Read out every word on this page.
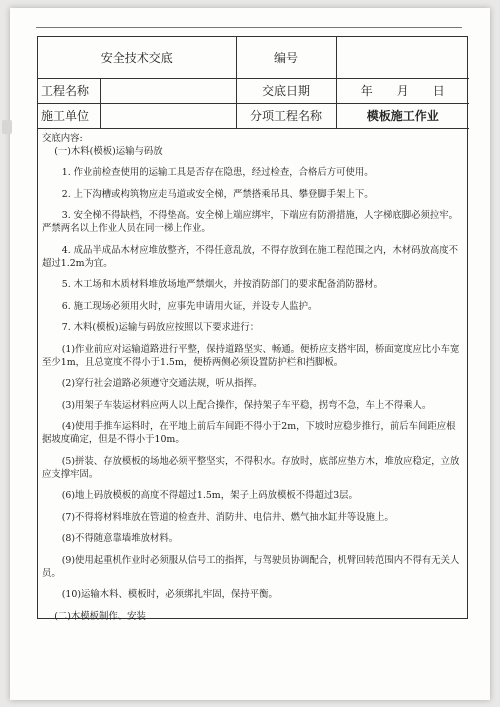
安全技术交底		编号	
工程名称		交底日期	年　　月　　日
施工单位		分项工程名称	模板施工作业

交底内容:

(一)木料(模板)运输与码放

1. 作业前检查使用的运输工具是否存在隐患，经过检查，合格后方可使用。

2. 上下沟槽或构筑物应走马道或安全梯，严禁搭乘吊具、攀登脚手架上下。

3. 安全梯不得缺档，不得垫高。安全梯上端应绑牢，下端应有防滑措施，人字梯底脚必须拉牢。严禁两名以上作业人员在同一梯上作业。

4. 成品半成品木材应堆放整齐，不得任意乱放，不得存放到在施工程范围之内，木材码放高度不超过1.2m为宜。

5. 木工场和木质材料堆放场地严禁烟火，并按消防部门的要求配备消防器材。

6. 施工现场必须用火时，应事先申请用火证，并设专人监护。

7. 木料(模板)运输与码放应按照以下要求进行：

(1)作业前应对运输道路进行平整，保持道路坚实、畅通。便桥应支搭牢固，桥面宽度应比小车宽至少1m，且总宽度不得小于1.5m，便桥两侧必须设置防护栏和挡脚板。

(2)穿行社会道路必须遵守交通法规，听从指挥。

(3)用架子车装运材料应两人以上配合操作，保持架子车平稳，拐弯不急，车上不得乘人。

(4)使用手推车运料时，在平地上前后车间距不得小于2m，下坡时应稳步推行，前后车间距应根据坡度确定，但是不得小于10m。

(5)拼装、存放模板的场地必须平整坚实，不得积水。存放时，底部应垫方木，堆放应稳定，立放应支撑牢固。

(6)地上码放模板的高度不得超过1.5m，架子上码放模板不得超过3层。

(7)不得将材料堆放在管道的检查井、消防井、电信井、燃气抽水缸井等设施上。

(8)不得随意靠墙堆放材料。

(9)使用起重机作业时必须服从信号工的指挥，与驾驶员协调配合，机臂回转范围内不得有无关人员。

(10)运输木料、模板时，必须绑扎牢固，保持平衡。

(二)木模板制作、安装
